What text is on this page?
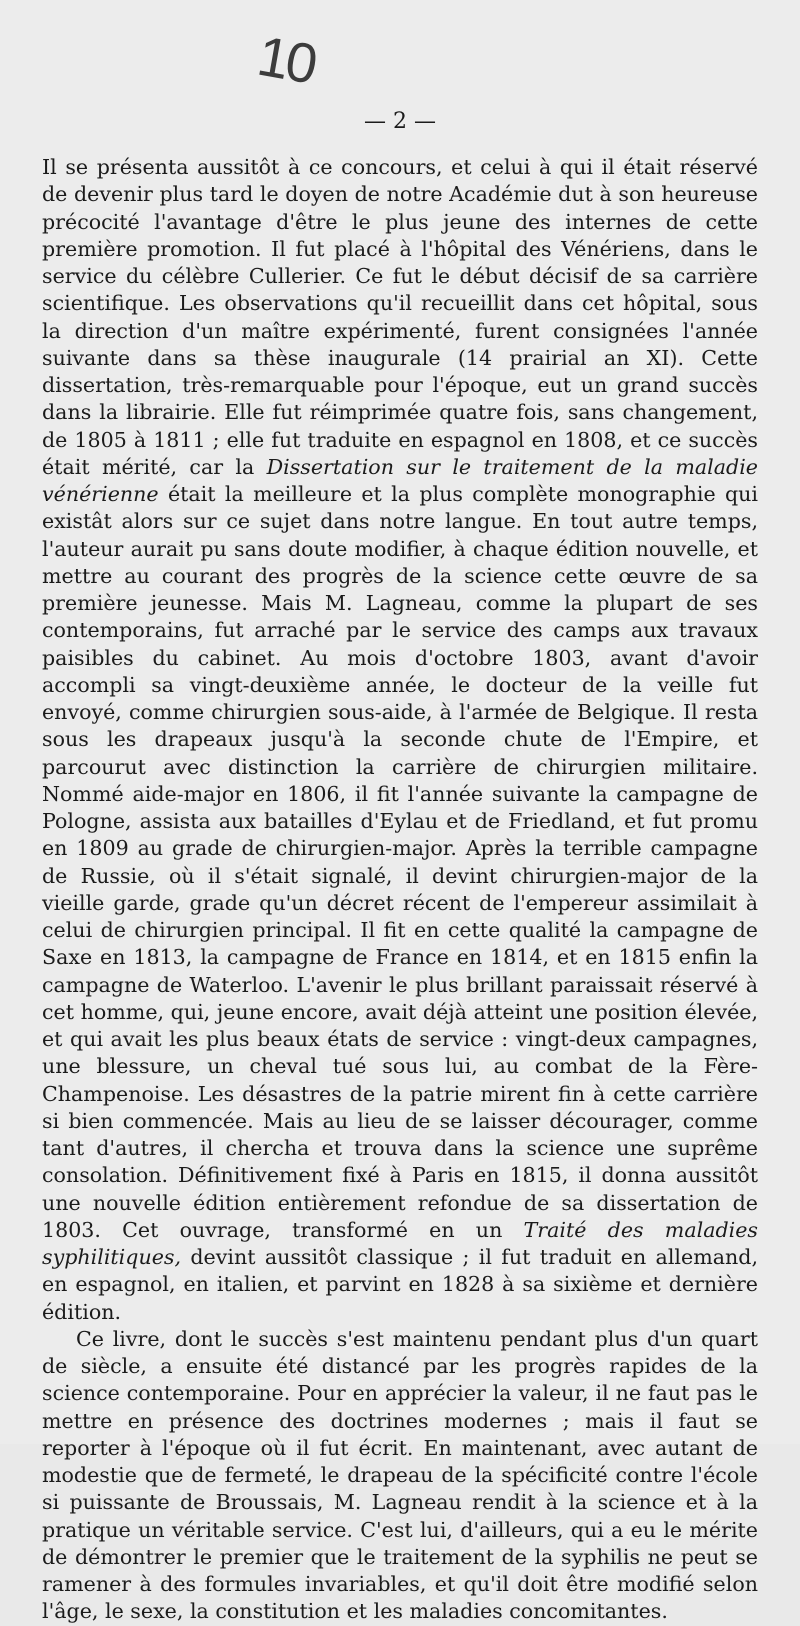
10
— 2 —

Il se présenta aussitôt à ce concours, et celui à qui il était réservé de devenir plus tard le doyen de notre Académie dut à son heureuse précocité l'avantage d'être le plus jeune des internes de cette première promotion. Il fut placé à l'hôpital des Vénériens, dans le service du célèbre Cullerier. Ce fut le début décisif de sa carrière scientifique. Les observations qu'il recueillit dans cet hôpital, sous la direction d'un maître expérimenté, furent consignées l'année suivante dans sa thèse inaugurale (14 prairial an XI). Cette dissertation, très-remarquable pour l'époque, eut un grand succès dans la librairie. Elle fut réimprimée quatre fois, sans changement, de 1805 à 1811 ; elle fut traduite en espagnol en 1808, et ce succès était mérité, car la Dissertation sur le traitement de la maladie vénérienne était la meilleure et la plus complète monographie qui existât alors sur ce sujet dans notre langue. En tout autre temps, l'auteur aurait pu sans doute modifier, à chaque édition nouvelle, et mettre au courant des progrès de la science cette œuvre de sa première jeunesse. Mais M. Lagneau, comme la plupart de ses contemporains, fut arraché par le service des camps aux travaux paisibles du cabinet. Au mois d'octobre 1803, avant d'avoir accompli sa vingt-deuxième année, le docteur de la veille fut envoyé, comme chirurgien sous-aide, à l'armée de Belgique. Il resta sous les drapeaux jusqu'à la seconde chute de l'Empire, et parcourut avec distinction la carrière de chirurgien militaire. Nommé aide-major en 1806, il fit l'année suivante la campagne de Pologne, assista aux batailles d'Eylau et de Friedland, et fut promu en 1809 au grade de chirurgien-major. Après la terrible campagne de Russie, où il s'était signalé, il devint chirurgien-major de la vieille garde, grade qu'un décret récent de l'empereur assimilait à celui de chirurgien principal. Il fit en cette qualité la campagne de Saxe en 1813, la campagne de France en 1814, et en 1815 enfin la campagne de Waterloo. L'avenir le plus brillant paraissait réservé à cet homme, qui, jeune encore, avait déjà atteint une position élevée, et qui avait les plus beaux états de service : vingt-deux campagnes, une blessure, un cheval tué sous lui, au combat de la Fère-Champenoise. Les désastres de la patrie mirent fin à cette carrière si bien commencée. Mais au lieu de se laisser décourager, comme tant d'autres, il chercha et trouva dans la science une suprême consolation. Définitivement fixé à Paris en 1815, il donna aussitôt une nouvelle édition entièrement refondue de sa dissertation de 1803. Cet ouvrage, transformé en un Traité des maladies syphilitiques, devint aussitôt classique ; il fut traduit en allemand, en espagnol, en italien, et parvint en 1828 à sa sixième et dernière édition.

Ce livre, dont le succès s'est maintenu pendant plus d'un quart de siècle, a ensuite été distancé par les progrès rapides de la science contemporaine. Pour en apprécier la valeur, il ne faut pas le mettre en présence des doctrines modernes ; mais il faut se reporter à l'époque où il fut écrit. En maintenant, avec autant de modestie que de fermeté, le drapeau de la spécificité contre l'école si puissante de Broussais, M. Lagneau rendit à la science et à la pratique un véritable service. C'est lui, d'ailleurs, qui a eu le mérite de démontrer le premier que le traitement de la syphilis ne peut se ramener à des formules invariables, et qu'il doit être modifié selon l'âge, le sexe, la constitution et les maladies concomitantes.
